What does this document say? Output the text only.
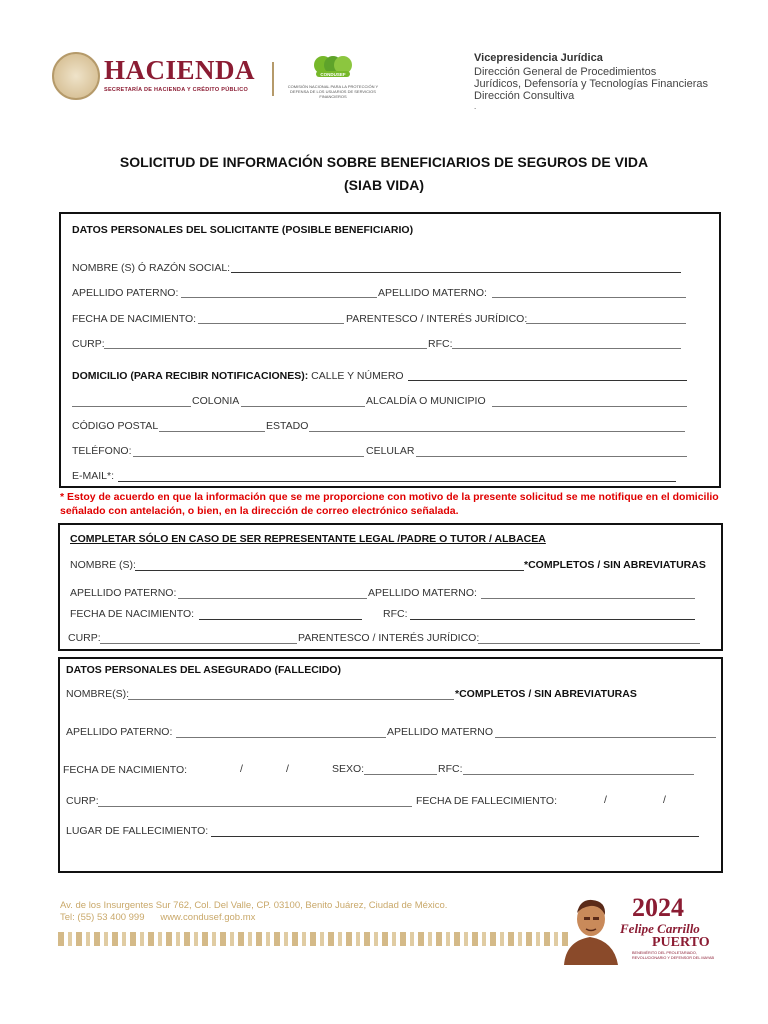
HACIENDA
SECRETARÍA DE HACIENDA Y CRÉDITO PÚBLICO
CONDUSEF
COMISIÓN NACIONAL PARA LA PROTECCIÓN Y DEFENSA DE LOS USUARIOS DE SERVICIOS FINANCIEROS
Vicepresidencia Jurídica
Dirección General de Procedimientos
Jurídicos, Defensoría y Tecnologías Financieras
Dirección Consultiva
.
SOLICITUD DE INFORMACIÓN SOBRE BENEFICIARIOS DE SEGUROS DE VIDA
(SIAB VIDA)
DATOS PERSONALES DEL SOLICITANTE (POSIBLE BENEFICIARIO)
NOMBRE (S) Ó RAZÓN SOCIAL:
APELLIDO PATERNO:	APELLIDO MATERNO:
FECHA DE NACIMIENTO:	PARENTESCO / INTERÉS JURÍDICO:
CURP:	RFC:
DOMICILIO (PARA RECIBIR NOTIFICACIONES): CALLE Y NÚMERO
COLONIA	ALCALDÍA O MUNICIPIO
CÓDIGO POSTAL	ESTADO
TELÉFONO:	CELULAR
E-MAIL*:
* Estoy de acuerdo en que la información que se me proporcione con motivo de la presente solicitud se me notifique en el domicilio señalado con antelación, o bien, en la dirección de correo electrónico señalada.
COMPLETAR SÓLO EN CASO DE SER REPRESENTANTE LEGAL /PADRE O TUTOR / ALBACEA
NOMBRE (S):	*COMPLETOS / SIN ABREVIATURAS
APELLIDO PATERNO:	APELLIDO MATERNO:
FECHA DE NACIMIENTO:	RFC:
CURP:	PARENTESCO / INTERÉS JURÍDICO:
DATOS PERSONALES DEL ASEGURADO (FALLECIDO)
NOMBRE(S):	*COMPLETOS / SIN ABREVIATURAS
APELLIDO PATERNO:	APELLIDO MATERNO
FECHA DE NACIMIENTO:	/	/	SEXO:	RFC:
CURP:	FECHA DE FALLECIMIENTO:	/	/
LUGAR DE FALLECIMIENTO:
Av. de los Insurgentes Sur 762, Col. Del Valle, CP. 03100, Benito Juárez, Ciudad de México.
Tel: (55) 53 400 999      www.condusef.gob.mx	2024
Felipe Carrillo
PUERTO
BENEMÉRITO DEL PROLETARIADO, REVOLUCIONARIO Y DEFENSOR DEL MAYAB
